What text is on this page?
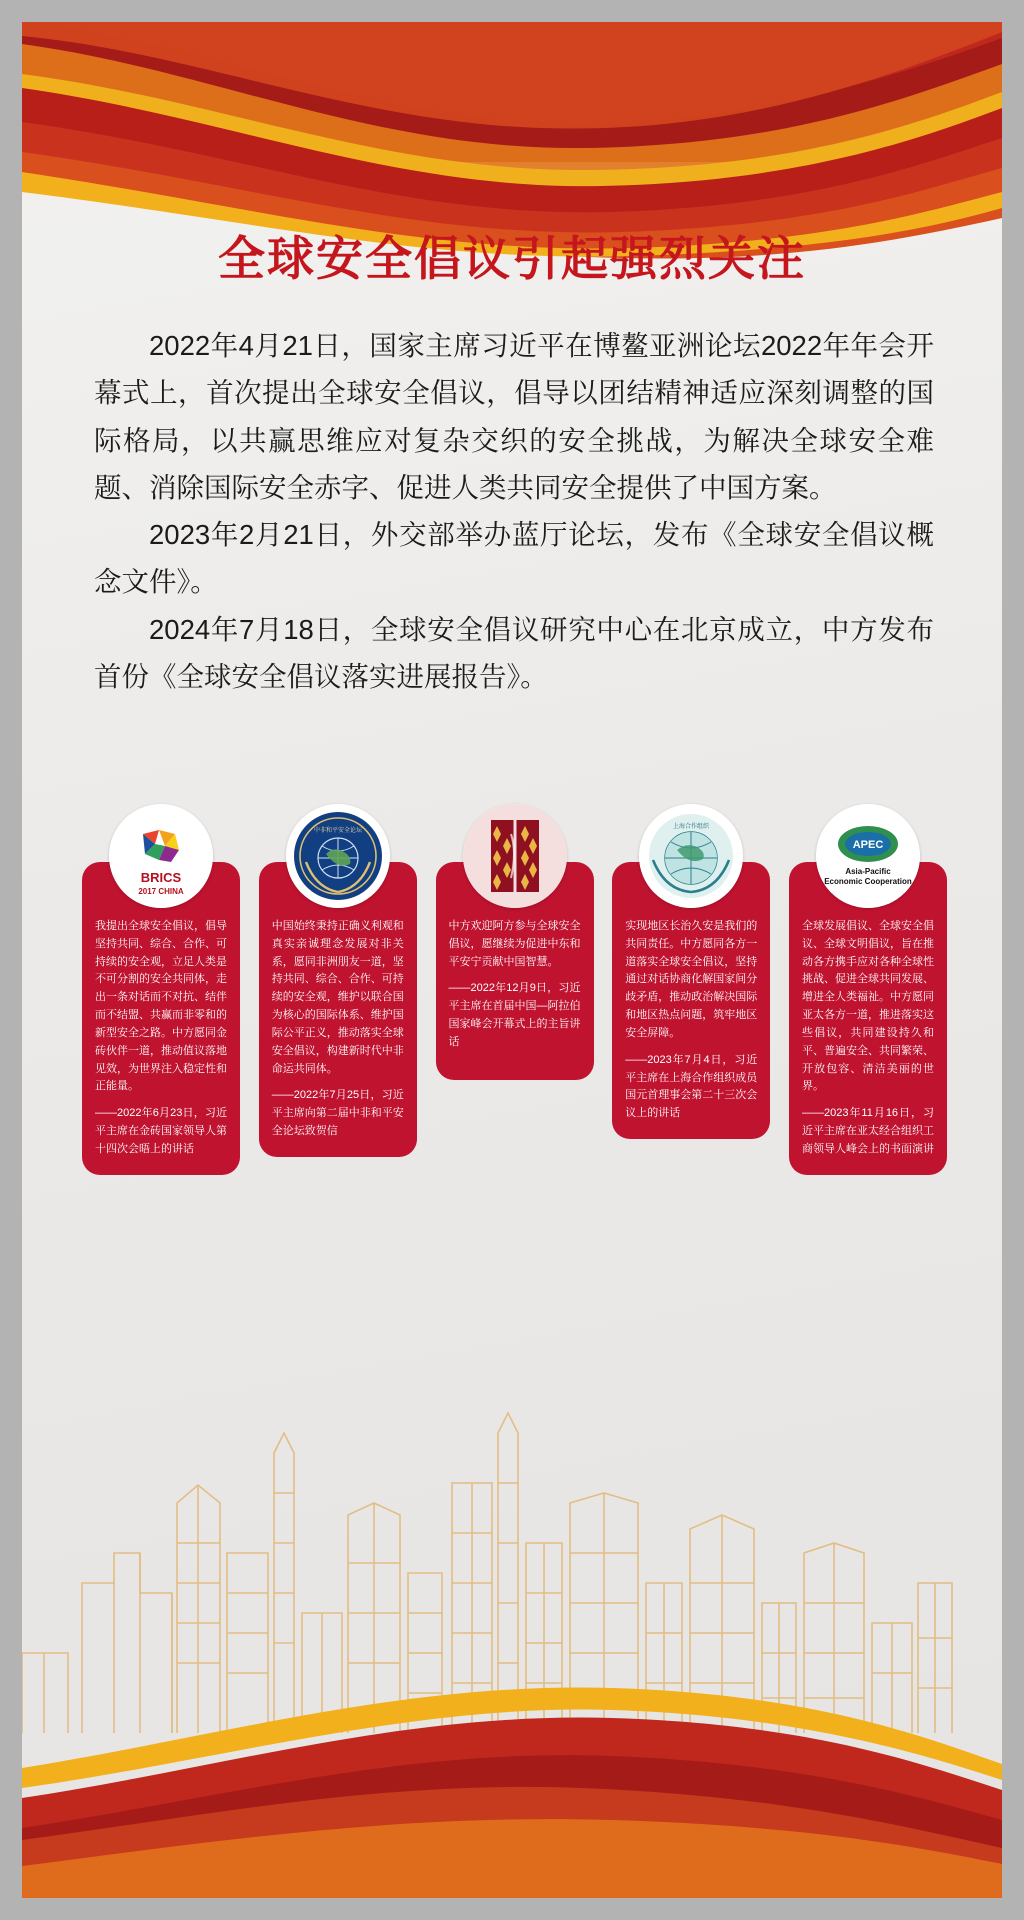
全球安全倡议引起强烈关注

2022年4月21日，国家主席习近平在博鳌亚洲论坛2022年年会开幕式上，首次提出全球安全倡议，倡导以团结精神适应深刻调整的国际格局，以共赢思维应对复杂交织的安全挑战，为解决全球安全难题、消除国际安全赤字、促进人类共同安全提供了中国方案。

2023年2月21日，外交部举办蓝厅论坛，发布《全球安全倡议概念文件》。

2024年7月18日，全球安全倡议研究中心在北京成立，中方发布首份《全球安全倡议落实进展报告》。

BRICS
2017 CHINA

我提出全球安全倡议，倡导坚持共同、综合、合作、可持续的安全观，立足人类是不可分割的安全共同体，走出一条对话而不对抗、结伴而不结盟、共赢而非零和的新型安全之路。中方愿同金砖伙伴一道，推动值议落地见效，为世界注入稳定性和正能量。

——2022年6月23日，习近平主席在金砖国家领导人第十四次会晤上的讲话

中非和平安全论坛

中国始终秉持正确义利观和真实亲诚理念发展对非关系，愿同非洲朋友一道，坚持共同、综合、合作、可持续的安全观，维护以联合国为核心的国际体系、维护国际公平正义，推动落实全球安全倡议，构建新时代中非命运共同体。

——2022年7月25日，习近平主席向第二届中非和平安全论坛致贺信

中方欢迎阿方参与全球安全倡议，愿继续为促进中东和平安宁贡献中国智慧。

——2022年12月9日，习近平主席在首届中国—阿拉伯国家峰会开幕式上的主旨讲话

上海合作组织

实现地区长治久安是我们的共同责任。中方愿同各方一道落实全球安全倡议，坚持通过对话协商化解国家间分歧矛盾，推动政治解决国际和地区热点问题，筑牢地区安全屏障。

——2023年7月4日，习近平主席在上海合作组织成员国元首理事会第二十三次会议上的讲话

APEC
Asia-Pacific
Economic Cooperation

全球发展倡议、全球安全倡议、全球文明倡议，旨在推动各方携手应对各种全球性挑战、促进全球共同发展、增进全人类福祉。中方愿同亚太各方一道，推进落实这些倡议，共同建设持久和平、普遍安全、共同繁荣、开放包容、清洁美丽的世界。

——2023年11月16日，习近平主席在亚太经合组织工商领导人峰会上的书面演讲
